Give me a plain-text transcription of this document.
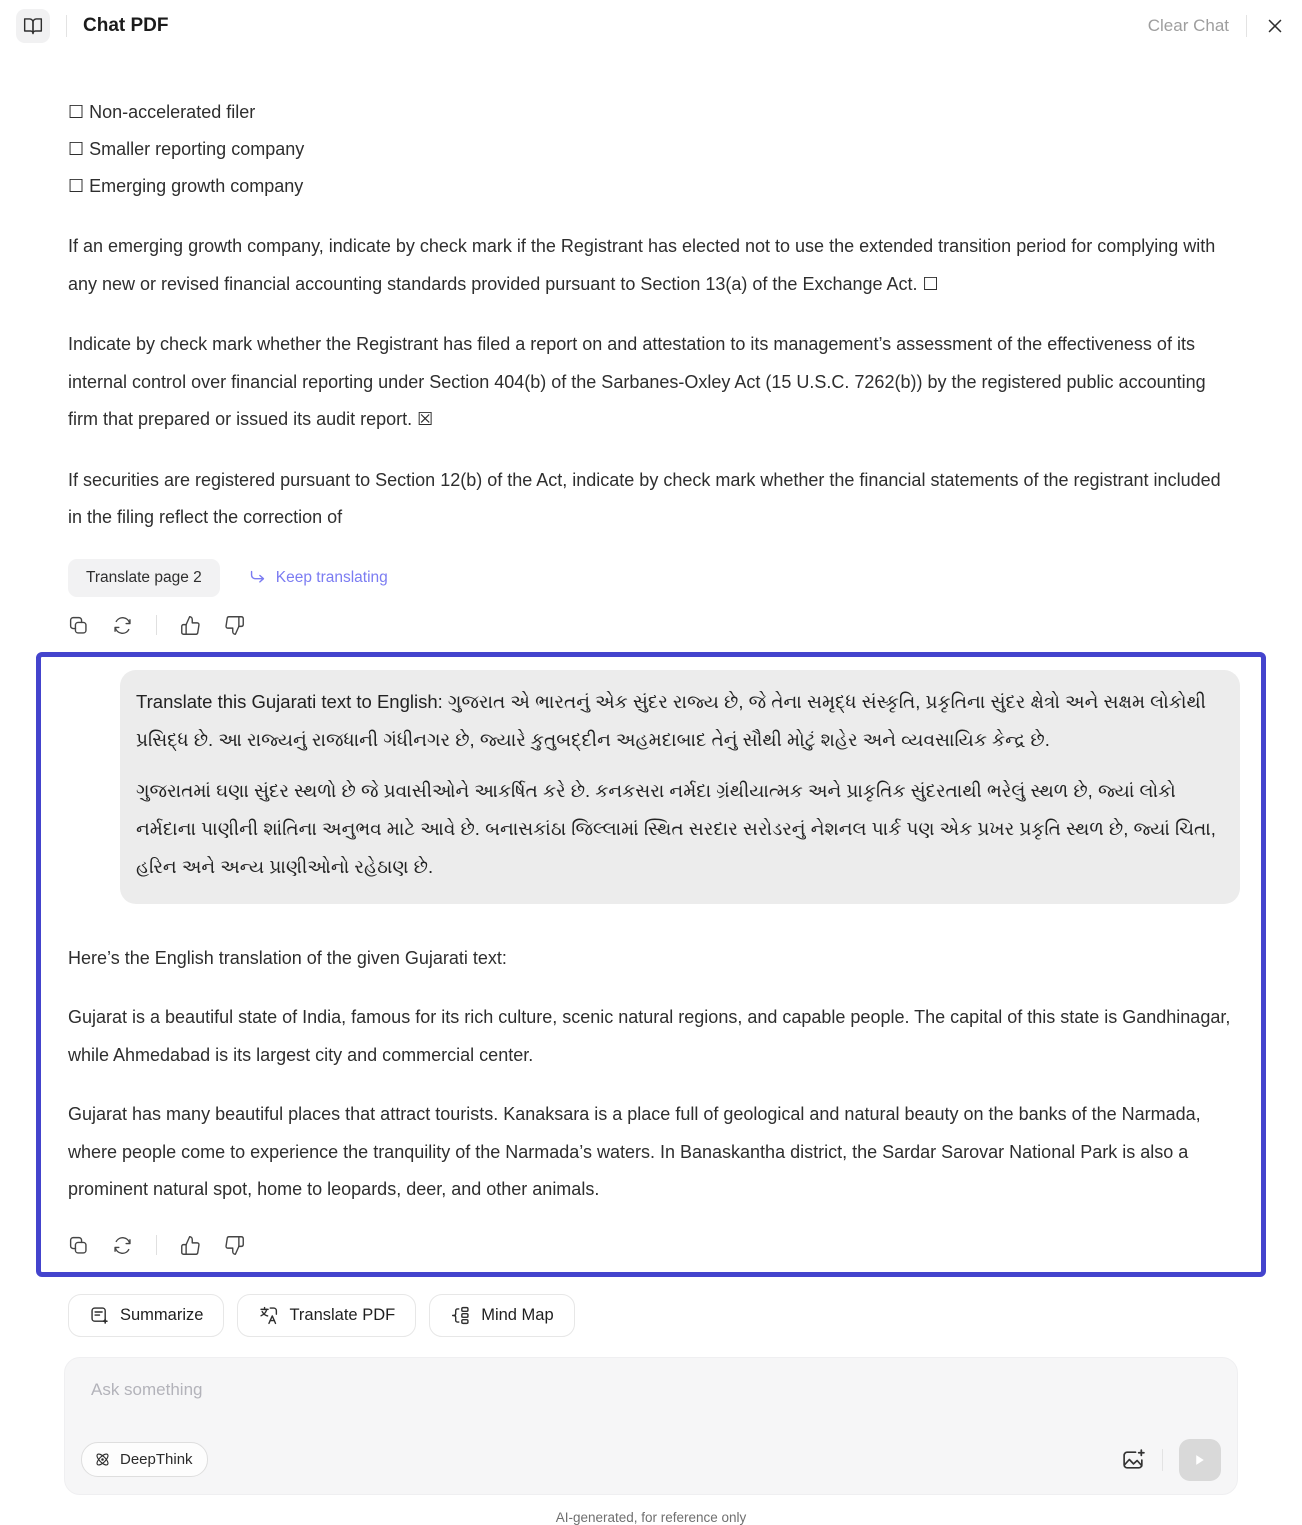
Chat PDF	Clear Chat
☐ Non-accelerated filer
☐ Smaller reporting company
☐ Emerging growth company

If an emerging growth company, indicate by check mark if the Registrant has elected not to use the extended transition period for complying with any new or revised financial accounting standards provided pursuant to Section 13(a) of the Exchange Act. ☐

Indicate by check mark whether the Registrant has filed a report on and attestation to its management’s assessment of the effectiveness of its internal control over financial reporting under Section 404(b) of the Sarbanes-Oxley Act (15 U.S.C. 7262(b)) by the registered public accounting firm that prepared or issued its audit report. ☒

If securities are registered pursuant to Section 12(b) of the Act, indicate by check mark whether the financial statements of the registrant included in the filing reflect the correction of

Translate page 2	Keep translating

Translate this Gujarati text to English: ગુજરાત એ ભારતનું એક સુંદર રાજ્ય છે, જે તેના સમૃદ્ધ સંસ્કૃતિ, પ્રકૃતિના સુંદર ક્ષેત્રો અને સક્ષમ લોકોથી પ્રસિદ્ધ છે. આ રાજ્યનું રાજધાની ગંધીનગર છે, જ્યારે કુતુબદ્દીન અહમદાબાદ તેનું સૌથી મોટું શહેર અને વ્યવસાયિક કેન્દ્ર છે.

ગુજરાતમાં ઘણા સુંદર સ્થળો છે જે પ્રવાસીઓને આકર્ષિત કરે છે. કનકસરા નર્મદા ગ્રંથીયાત્મક અને પ્રાકૃતિક સુંદરતાથી ભરેલું સ્થળ છે, જ્યાં લોકો નર્મદાના પાણીની શાંતિના અનુભવ માટે આવે છે. બનાસકાંઠા જિલ્લામાં સ્થિત સરદાર સરોડરનું નેશનલ પાર્ક પણ એક પ્રખર પ્રકૃતિ સ્થળ છે, જ્યાં ચિતા, હરિન અને અન્ય પ્રાણીઓનો રહેઠાણ છે.

Here’s the English translation of the given Gujarati text:

Gujarat is a beautiful state of India, famous for its rich culture, scenic natural regions, and capable people. The capital of this state is Gandhinagar, while Ahmedabad is its largest city and commercial center.

Gujarat has many beautiful places that attract tourists. Kanaksara is a place full of geological and natural beauty on the banks of the Narmada, where people come to experience the tranquility of the Narmada’s waters. In Banaskantha district, the Sardar Sarovar National Park is also a prominent natural spot, home to leopards, deer, and other animals.

Summarize	Translate PDF	Mind Map
Ask something
DeepThink
AI-generated, for reference only
